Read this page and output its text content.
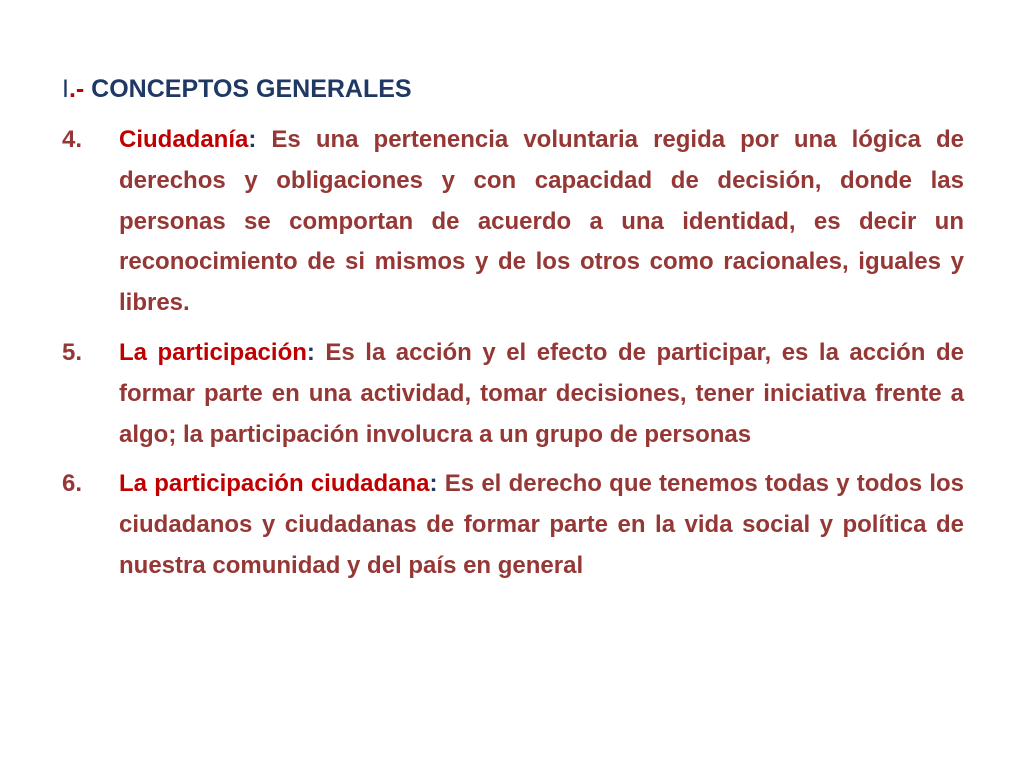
I.- CONCEPTOS GENERALES
4. Ciudadanía: Es una pertenencia voluntaria regida por una lógica de derechos y obligaciones y con capacidad de decisión, donde las personas se comportan de acuerdo a una identidad, es decir un reconocimiento de si mismos y de los otros como racionales, iguales y libres.
5. La participación: Es la acción y el efecto de participar, es la acción de formar parte en una actividad, tomar decisiones, tener iniciativa frente a algo; la participación involucra a un grupo de personas
6. La participación ciudadana: Es el derecho que tenemos todas y todos los ciudadanos y ciudadanas de formar parte en la vida social y política de nuestra comunidad y del país en general
